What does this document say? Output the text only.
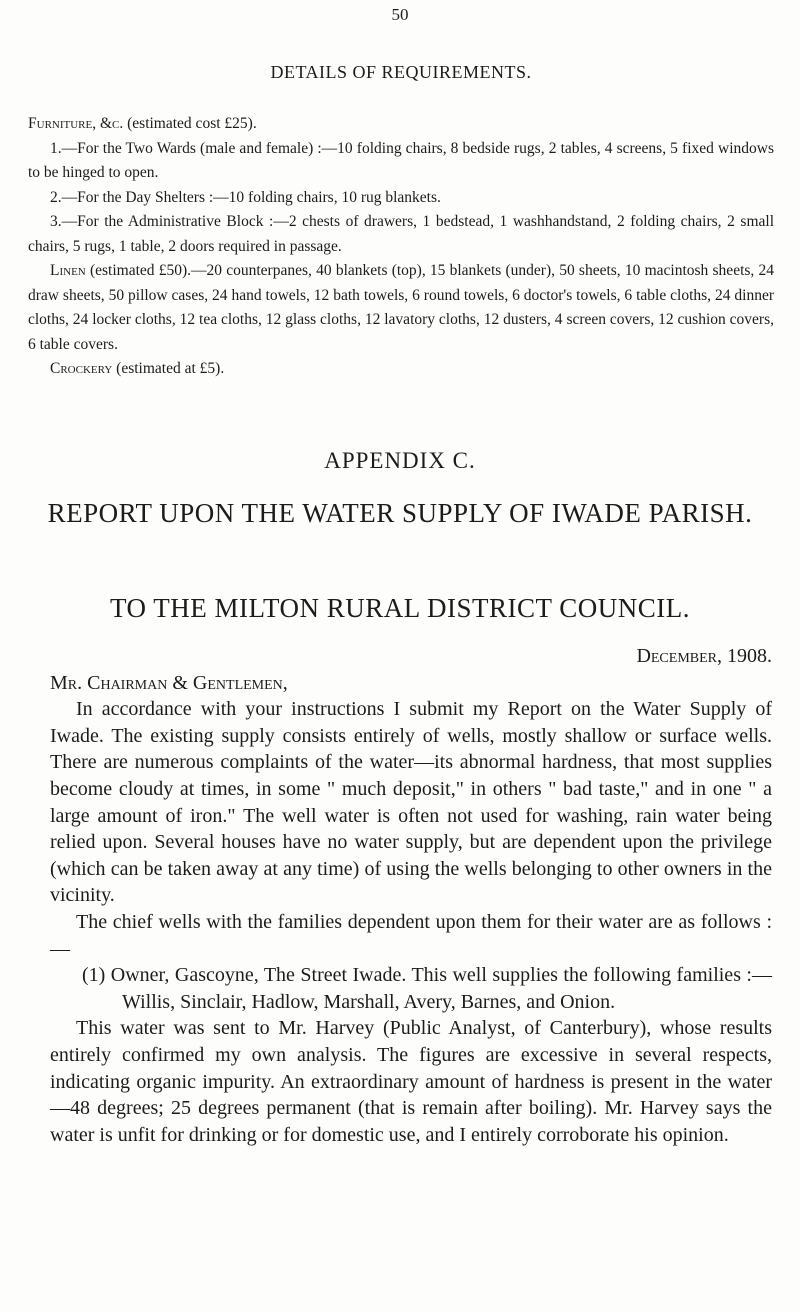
50
DETAILS OF REQUIREMENTS.

Furniture, &c. (estimated cost £25).

1.—For the Two Wards (male and female) :—10 folding chairs, 8 bedside rugs, 2 tables, 4 screens, 5 fixed windows to be hinged to open.

2.—For the Day Shelters :—10 folding chairs, 10 rug blankets.

3.—For the Administrative Block :—2 chests of drawers, 1 bedstead, 1 washhandstand, 2 folding chairs, 2 small chairs, 5 rugs, 1 table, 2 doors required in passage.

Linen (estimated £50).—20 counterpanes, 40 blankets (top), 15 blankets (under), 50 sheets, 10 macintosh sheets, 24 draw sheets, 50 pillow cases, 24 hand towels, 12 bath towels, 6 round towels, 6 doctor's towels, 6 table cloths, 24 dinner cloths, 24 locker cloths, 12 tea cloths, 12 glass cloths, 12 lavatory cloths, 12 dusters, 4 screen covers, 12 cushion covers, 6 table covers.

Crockery (estimated at £5).

APPENDIX C.
REPORT UPON THE WATER SUPPLY OF IWADE PARISH.
TO THE MILTON RURAL DISTRICT COUNCIL.

December, 1908.

Mr. Chairman & Gentlemen,

In accordance with your instructions I submit my Report on the Water Supply of Iwade. The existing supply consists entirely of wells, mostly shallow or surface wells. There are numerous complaints of the water—its abnormal hardness, that most supplies become cloudy at times, in some " much deposit," in others " bad taste," and in one " a large amount of iron." The well water is often not used for washing, rain water being relied upon. Several houses have no water supply, but are dependent upon the privilege (which can be taken away at any time) of using the wells belonging to other owners in the vicinity.

The chief wells with the families dependent upon them for their water are as follows :—

(1) Owner, Gascoyne, The Street Iwade. This well supplies the following families :—Willis, Sinclair, Hadlow, Marshall, Avery, Barnes, and Onion.

This water was sent to Mr. Harvey (Public Analyst, of Canterbury), whose results entirely confirmed my own analysis. The figures are excessive in several respects, indicating organic impurity. An extraordinary amount of hardness is present in the water—48 degrees; 25 degrees permanent (that is remain after boiling). Mr. Harvey says the water is unfit for drinking or for domestic use, and I entirely corroborate his opinion.
